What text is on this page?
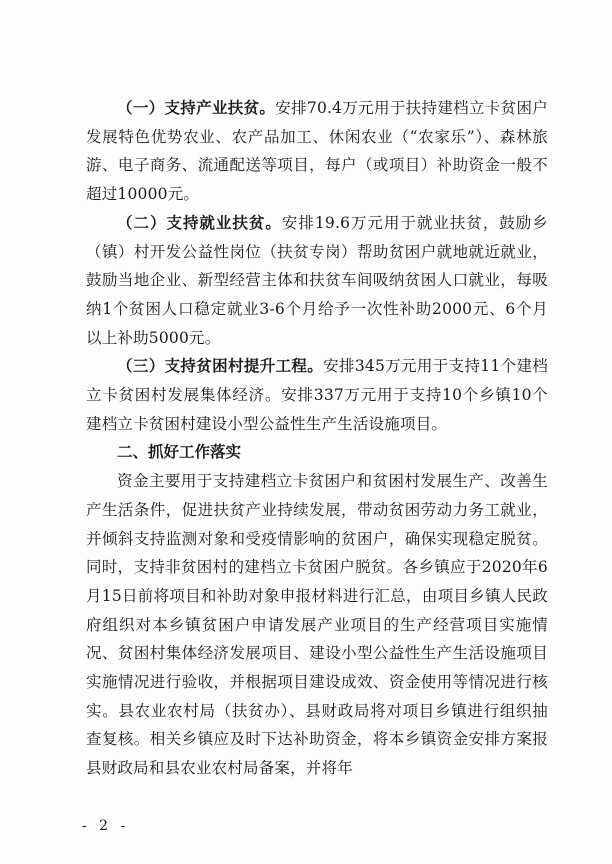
（一）支持产业扶贫。安排70.4万元用于扶持建档立卡贫困户发展特色优势农业、农产品加工、休闲农业（“农家乐”）、森林旅游、电子商务、流通配送等项目，每户（或项目）补助资金一般不超过10000元。

（二）支持就业扶贫。安排19.6万元用于就业扶贫，鼓励乡（镇）村开发公益性岗位（扶贫专岗）帮助贫困户就地就近就业，鼓励当地企业、新型经营主体和扶贫车间吸纳贫困人口就业，每吸纳1个贫困人口稳定就业3-6个月给予一次性补助2000元、6个月以上补助5000元。

（三）支持贫困村提升工程。安排345万元用于支持11个建档立卡贫困村发展集体经济。安排337万元用于支持10个乡镇10个建档立卡贫困村建设小型公益性生产生活设施项目。

二、抓好工作落实

资金主要用于支持建档立卡贫困户和贫困村发展生产、改善生产生活条件，促进扶贫产业持续发展，带动贫困劳动力务工就业，并倾斜支持监测对象和受疫情影响的贫困户，确保实现稳定脱贫。同时，支持非贫困村的建档立卡贫困户脱贫。各乡镇应于2020年6月15日前将项目和补助对象申报材料进行汇总，由项目乡镇人民政府组织对本乡镇贫困户申请发展产业项目的生产经营项目实施情况、贫困村集体经济发展项目、建设小型公益性生产生活设施项目实施情况进行验收，并根据项目建设成效、资金使用等情况进行核实。县农业农村局（扶贫办）、县财政局将对项目乡镇进行组织抽查复核。相关乡镇应及时下达补助资金，将本乡镇资金安排方案报县财政局和县农业农村局备案，并将年

- 2 -
